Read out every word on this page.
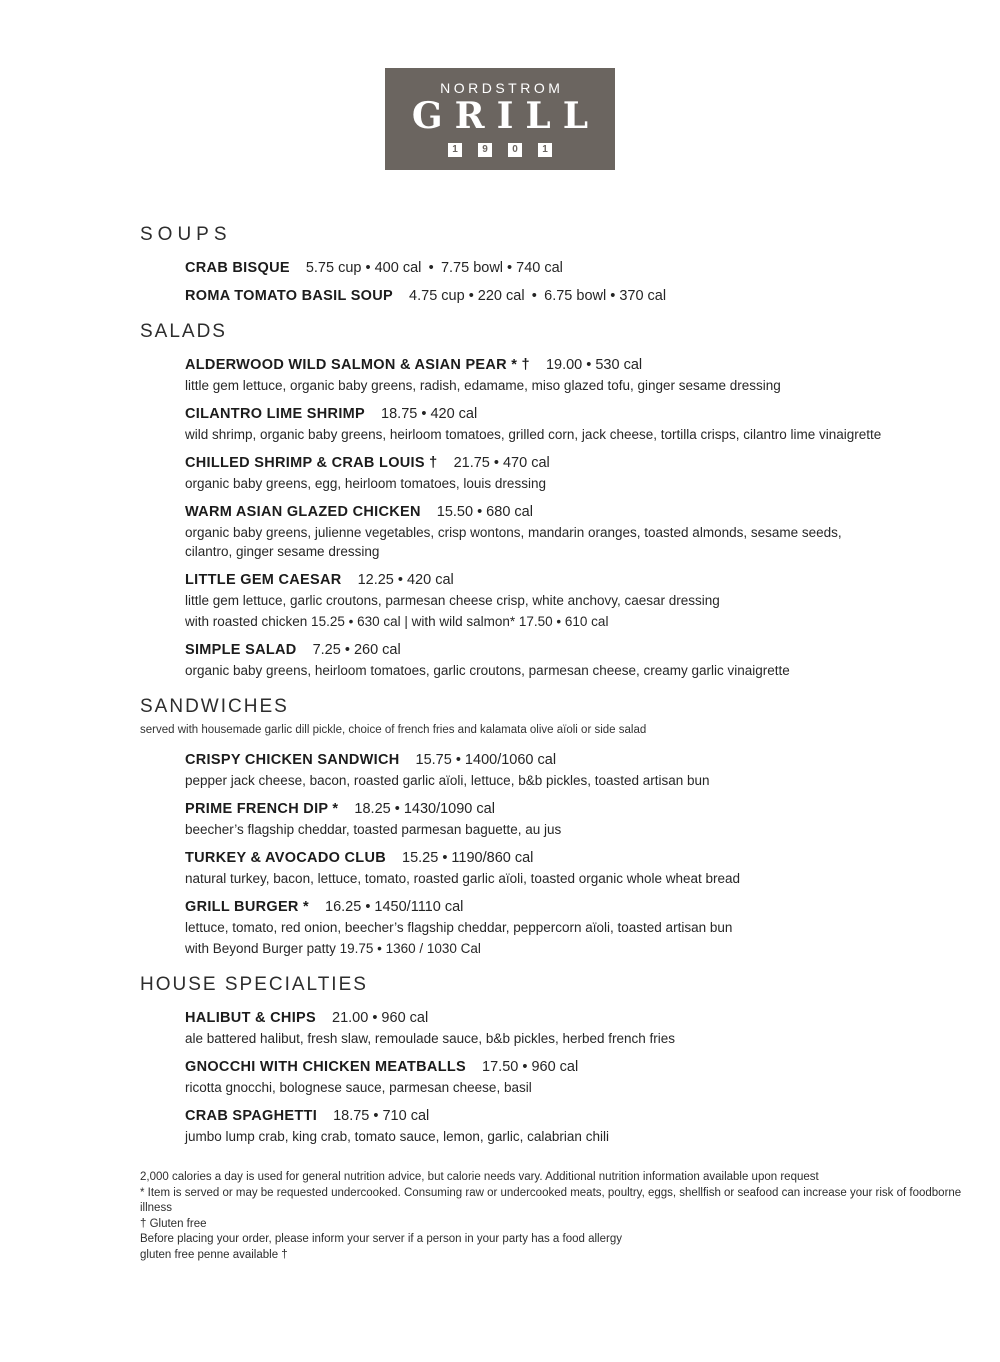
NORDSTROM
GRILL
1	9	0	1
SOUPS
CRAB BISQUE 5.75 cup • 400 cal • 7.75 bowl • 740 cal
ROMA TOMATO BASIL SOUP 4.75 cup • 220 cal • 6.75 bowl • 370 cal
SALADS
ALDERWOOD WILD SALMON & ASIAN PEAR * † 19.00 • 530 cal

little gem lettuce, organic baby greens, radish, edamame, miso glazed tofu, ginger sesame dressing

CILANTRO LIME SHRIMP 18.75 • 420 cal

wild shrimp, organic baby greens, heirloom tomatoes, grilled corn, jack cheese, tortilla crisps, cilantro lime vinaigrette

CHILLED SHRIMP & CRAB LOUIS † 21.75 • 470 cal

organic baby greens, egg, heirloom tomatoes, louis dressing

WARM ASIAN GLAZED CHICKEN 15.50 • 680 cal

organic baby greens, julienne vegetables, crisp wontons, mandarin oranges, toasted almonds, sesame seeds, cilantro, ginger sesame dressing

LITTLE GEM CAESAR 12.25 • 420 cal

little gem lettuce, garlic croutons, parmesan cheese crisp, white anchovy, caesar dressing

with roasted chicken 15.25 • 630 cal | with wild salmon* 17.50 • 610 cal

SIMPLE SALAD 7.25 • 260 cal

organic baby greens, heirloom tomatoes, garlic croutons, parmesan cheese, creamy garlic vinaigrette

SANDWICHES

served with housemade garlic dill pickle, choice of french fries and kalamata olive aïoli or side salad

CRISPY CHICKEN SANDWICH 15.75 • 1400/1060 cal

pepper jack cheese, bacon, roasted garlic aïoli, lettuce, b&b pickles, toasted artisan bun

PRIME FRENCH DIP * 18.25 • 1430/1090 cal

beecher’s flagship cheddar, toasted parmesan baguette, au jus

TURKEY & AVOCADO CLUB 15.25 • 1190/860 cal

natural turkey, bacon, lettuce, tomato, roasted garlic aïoli, toasted organic whole wheat bread

GRILL BURGER * 16.25 • 1450/1110 cal

lettuce, tomato, red onion, beecher’s flagship cheddar, peppercorn aïoli, toasted artisan bun

with Beyond Burger patty 19.75 • 1360 / 1030 Cal

HOUSE SPECIALTIES
HALIBUT & CHIPS 21.00 • 960 cal

ale battered halibut, fresh slaw, remoulade sauce, b&b pickles, herbed french fries

GNOCCHI WITH CHICKEN MEATBALLS 17.50 • 960 cal

ricotta gnocchi, bolognese sauce, parmesan cheese, basil

CRAB SPAGHETTI 18.75 • 710 cal

jumbo lump crab, king crab, tomato sauce, lemon, garlic, calabrian chili

2,000 calories a day is used for general nutrition advice, but calorie needs vary. Additional nutrition information available upon request

* Item is served or may be requested undercooked. Consuming raw or undercooked meats, poultry, eggs, shellfish or seafood can increase your risk of foodborne illness

† Gluten free

Before placing your order, please inform your server if a person in your party has a food allergy

gluten free penne available †
